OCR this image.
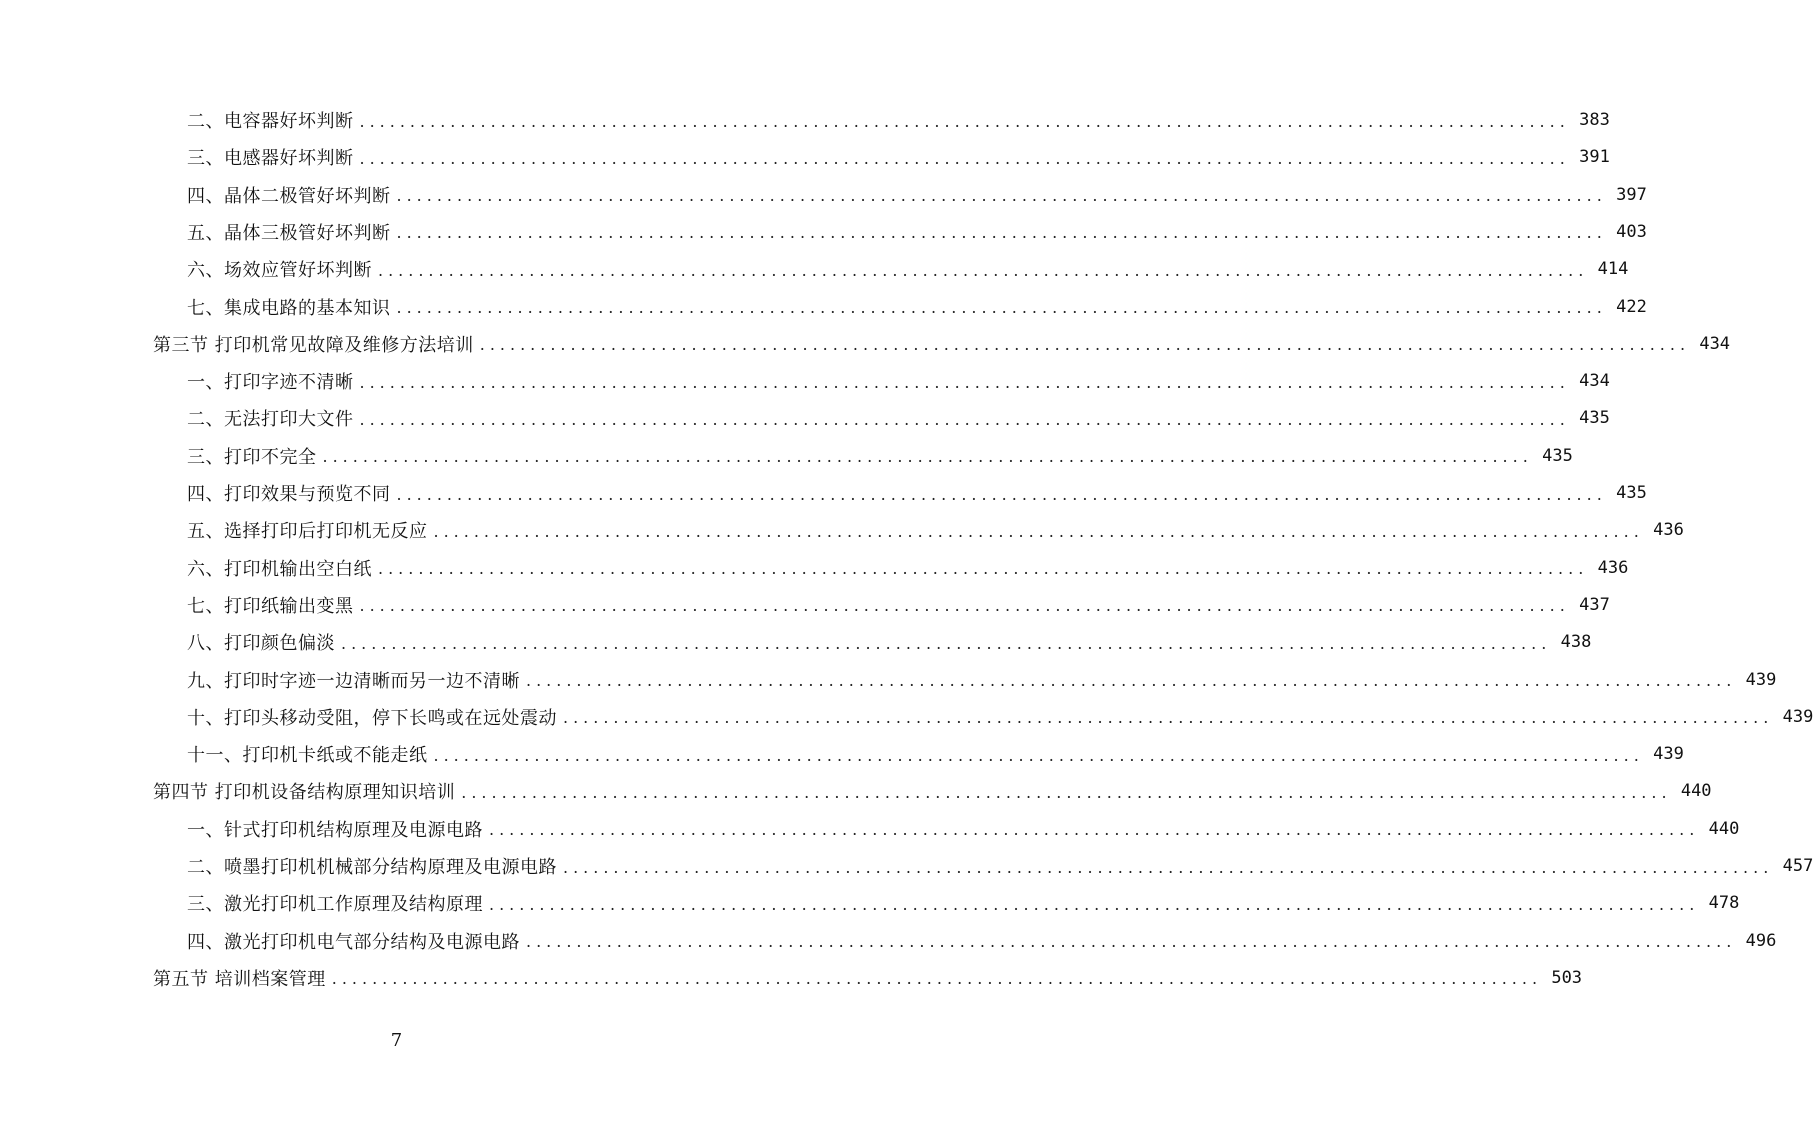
二、电容器好坏判断 ........................................................................................................................ 383
三、电感器好坏判断 ........................................................................................................................ 391
四、晶体二极管好坏判断 ........................................................................................................................ 397
五、晶体三极管好坏判断 ........................................................................................................................ 403
六、场效应管好坏判断 ........................................................................................................................ 414
七、集成电路的基本知识 ........................................................................................................................ 422
第三节 打印机常见故障及维修方法培训 ........................................................................................................................ 434
一、打印字迹不清晰 ........................................................................................................................ 434
二、无法打印大文件 ........................................................................................................................ 435
三、打印不完全 ........................................................................................................................ 435
四、打印效果与预览不同 ........................................................................................................................ 435
五、选择打印后打印机无反应 ........................................................................................................................ 436
六、打印机输出空白纸 ........................................................................................................................ 436
七、打印纸输出变黑 ........................................................................................................................ 437
八、打印颜色偏淡 ........................................................................................................................ 438
九、打印时字迹一边清晰而另一边不清晰 ........................................................................................................................ 439
十、打印头移动受阻，停下长鸣或在远处震动 ........................................................................................................................ 439
十一、打印机卡纸或不能走纸 ........................................................................................................................ 439
第四节 打印机设备结构原理知识培训 ........................................................................................................................ 440
一、针式打印机结构原理及电源电路 ........................................................................................................................ 440
二、喷墨打印机机械部分结构原理及电源电路 ........................................................................................................................ 457
三、激光打印机工作原理及结构原理 ........................................................................................................................ 478
四、激光打印机电气部分结构及电源电路 ........................................................................................................................ 496
第五节 培训档案管理 ........................................................................................................................ 503
7
